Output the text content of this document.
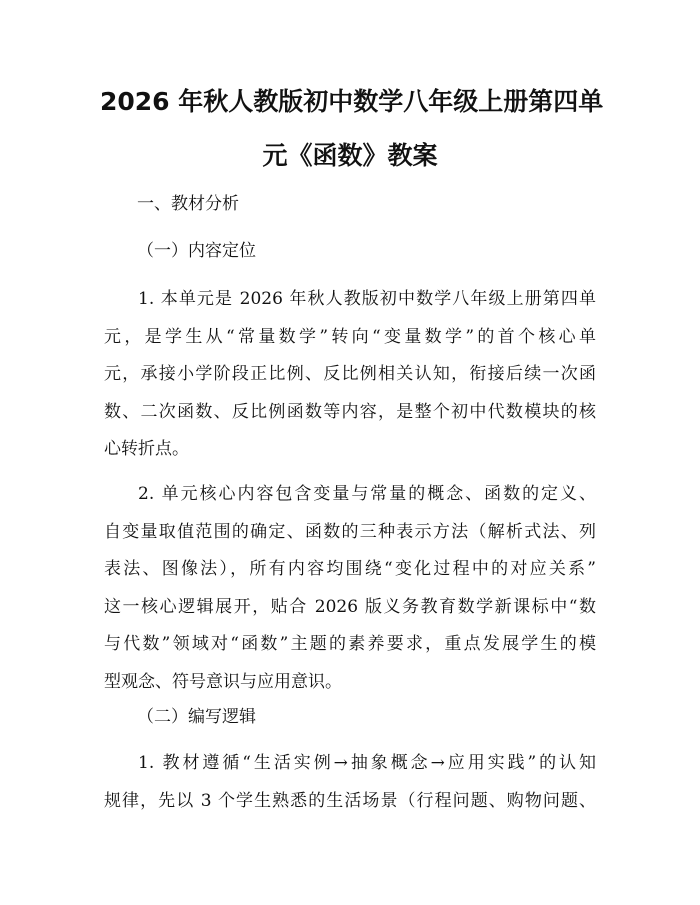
2026 年秋人教版初中数学八年级上册第四单
元《函数》教案

一、教材分析

（一）内容定位

1. 本单元是 2026 年秋人教版初中数学八年级上册第四单
元，是学生从“常量数学”转向“变量数学”的首个核心单
元，承接小学阶段正比例、反比例相关认知，衔接后续一次函
数、二次函数、反比例函数等内容，是整个初中代数模块的核
心转折点。
2. 单元核心内容包含变量与常量的概念、函数的定义、
自变量取值范围的确定、函数的三种表示方法（解析式法、列
表法、图像法），所有内容均围绕“变化过程中的对应关系”
这一核心逻辑展开，贴合 2026 版义务教育数学新课标中“数
与代数”领域对“函数”主题的素养要求，重点发展学生的模
型观念、符号意识与应用意识。

（二）编写逻辑

1. 教材遵循“生活实例→抽象概念→应用实践”的认知
规律，先以 3 个学生熟悉的生活场景（行程问题、购物问题、
